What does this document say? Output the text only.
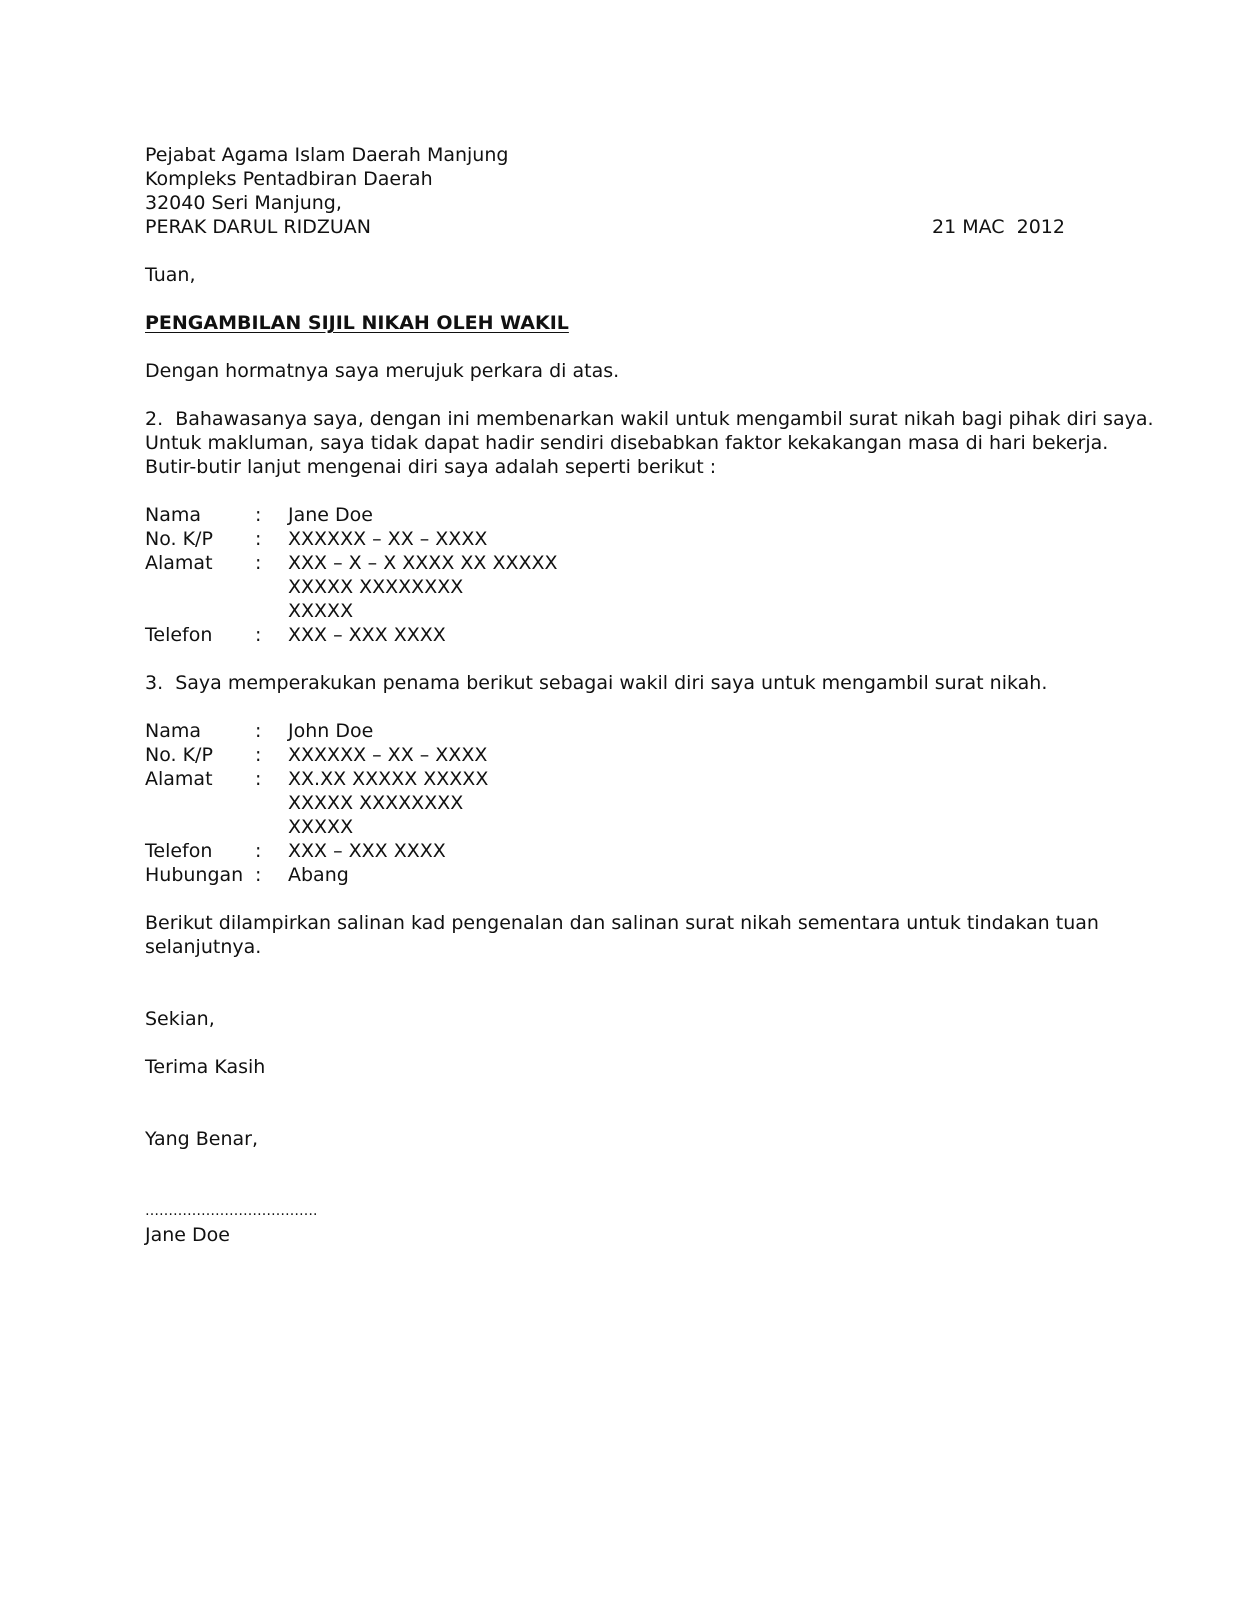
Pejabat Agama Islam Daerah Manjung
Kompleks Pentadbiran Daerah
32040 Seri Manjung,
PERAK DARUL RIDZUAN	21 MAC  2012
Tuan,
PENGAMBILAN SIJIL NIKAH OLEH WAKIL
Dengan hormatnya saya merujuk perkara di atas.
2.  Bahawasanya saya, dengan ini membenarkan wakil untuk mengambil surat nikah bagi pihak diri saya.
Untuk makluman, saya tidak dapat hadir sendiri disebabkan faktor kekakangan masa di hari bekerja.
Butir-butir lanjut mengenai diri saya adalah seperti berikut :
Nama	:	Jane Doe
No. K/P	:	XXXXXX – XX – XXXX
Alamat	:	XXX – X – X XXXX XX XXXXX
XXXXX XXXXXXXX
XXXXX
Telefon	:	XXX – XXX XXXX
3.  Saya memperakukan penama berikut sebagai wakil diri saya untuk mengambil surat nikah.
Nama	:	John Doe
No. K/P	:	XXXXXX – XX – XXXX
Alamat	:	XX.XX XXXXX XXXXX
XXXXX XXXXXXXX
XXXXX
Telefon	:	XXX – XXX XXXX
Hubungan :	Abang
Berikut dilampirkan salinan kad pengenalan dan salinan surat nikah sementara untuk tindakan tuan
selanjutnya.
Sekian,
Terima Kasih
Yang Benar,
……………………………….
Jane Doe
